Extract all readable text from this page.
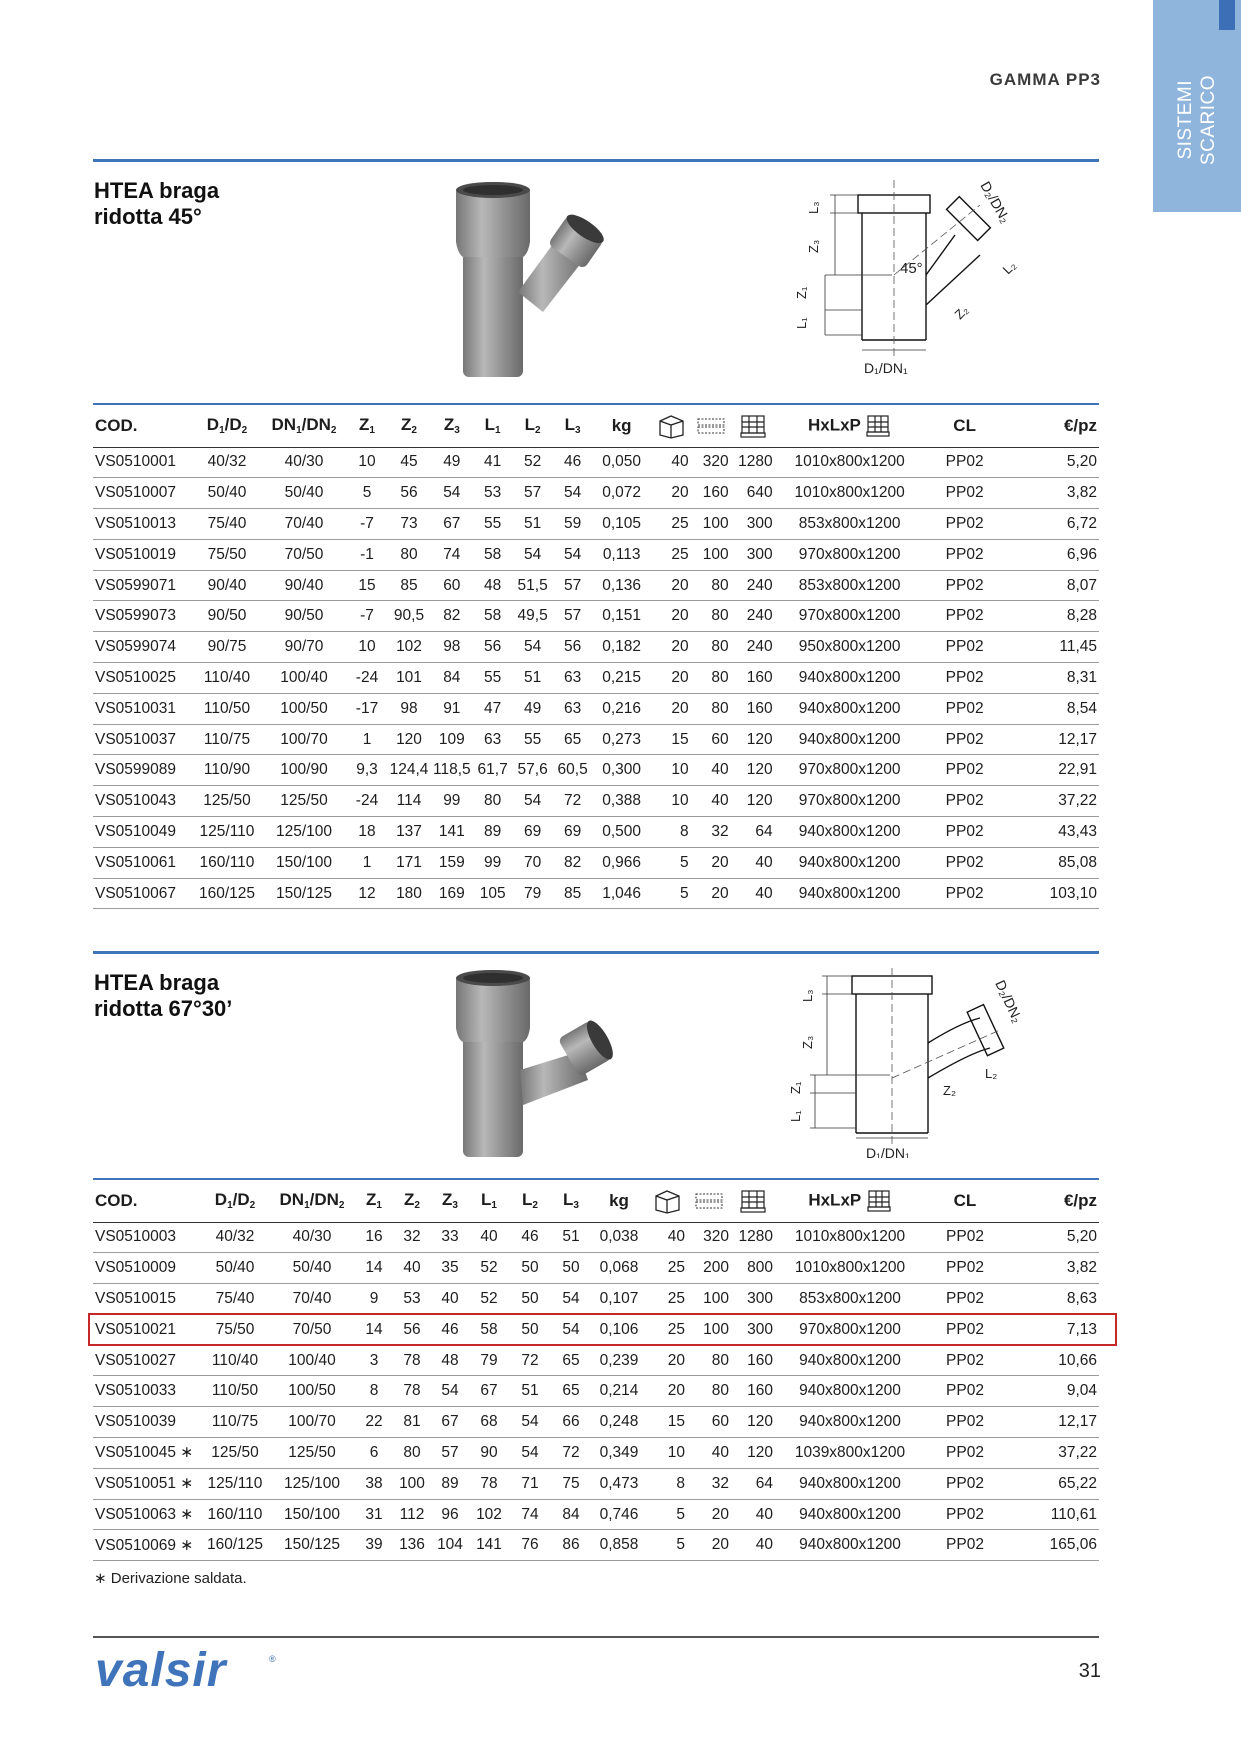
SISTEMI SCARICO
GAMMA PP3
HTEA braga
ridotta 45°
45°
D₁/DN₁
D₂/DN₂
L₃
Z₃
Z₁
L₁
L₂
Z₂
COD.	$D_1/D_2$	$DN_1/DN_2$	$Z_1$	$Z_2$	$Z_3$	$L_1$	$L_2$	$L_3$	kg				HxLxP	CL	€/pz
VS0510001	40/32	40/30	10	45	49	41	52	46	0,050	40	320	1280	1010x800x1200	PP02	5,20
VS0510007	50/40	50/40	5	56	54	53	57	54	0,072	20	160	640	1010x800x1200	PP02	3,82
VS0510013	75/40	70/40	-7	73	67	55	51	59	0,105	25	100	300	853x800x1200	PP02	6,72
VS0510019	75/50	70/50	-1	80	74	58	54	54	0,113	25	100	300	970x800x1200	PP02	6,96
VS0599071	90/40	90/40	15	85	60	48	51,5	57	0,136	20	80	240	853x800x1200	PP02	8,07
VS0599073	90/50	90/50	-7	90,5	82	58	49,5	57	0,151	20	80	240	970x800x1200	PP02	8,28
VS0599074	90/75	90/70	10	102	98	56	54	56	0,182	20	80	240	950x800x1200	PP02	11,45
VS0510025	110/40	100/40	-24	101	84	55	51	63	0,215	20	80	160	940x800x1200	PP02	8,31
VS0510031	110/50	100/50	-17	98	91	47	49	63	0,216	20	80	160	940x800x1200	PP02	8,54
VS0510037	110/75	100/70	1	120	109	63	55	65	0,273	15	60	120	940x800x1200	PP02	12,17
VS0599089	110/90	100/90	9,3	124,4	118,5	61,7	57,6	60,5	0,300	10	40	120	970x800x1200	PP02	22,91
VS0510043	125/50	125/50	-24	114	99	80	54	72	0,388	10	40	120	970x800x1200	PP02	37,22
VS0510049	125/110	125/100	18	137	141	89	69	69	0,500	8	32	64	940x800x1200	PP02	43,43
VS0510061	160/110	150/100	1	171	159	99	70	82	0,966	5	20	40	940x800x1200	PP02	85,08
VS0510067	160/125	150/125	12	180	169	105	79	85	1,046	5	20	40	940x800x1200	PP02	103,10
HTEA braga
ridotta 67°30’
D₁/DN₁
D₂/DN₂
L₃
Z₃
Z₁
L₁
L₂
Z₂
COD.	$D_1/D_2$	$DN_1/DN_2$	$Z_1$	$Z_2$	$Z_3$	$L_1$	$L_2$	$L_3$	kg				HxLxP	CL	€/pz
VS0510003	40/32	40/30	16	32	33	40	46	51	0,038	40	320	1280	1010x800x1200	PP02	5,20
VS0510009	50/40	50/40	14	40	35	52	50	50	0,068	25	200	800	1010x800x1200	PP02	3,82
VS0510015	75/40	70/40	9	53	40	52	50	54	0,107	25	100	300	853x800x1200	PP02	8,63
VS0510021	75/50	70/50	14	56	46	58	50	54	0,106	25	100	300	970x800x1200	PP02	7,13
VS0510027	110/40	100/40	3	78	48	79	72	65	0,239	20	80	160	940x800x1200	PP02	10,66
VS0510033	110/50	100/50	8	78	54	67	51	65	0,214	20	80	160	940x800x1200	PP02	9,04
VS0510039	110/75	100/70	22	81	67	68	54	66	0,248	15	60	120	940x800x1200	PP02	12,17
VS0510045 ∗	125/50	125/50	6	80	57	90	54	72	0,349	10	40	120	1039x800x1200	PP02	37,22
VS0510051 ∗	125/110	125/100	38	100	89	78	71	75	0,473	8	32	64	940x800x1200	PP02	65,22
VS0510063 ∗	160/110	150/100	31	112	96	102	74	84	0,746	5	20	40	940x800x1200	PP02	110,61
VS0510069 ∗	160/125	150/125	39	136	104	141	76	86	0,858	5	20	40	940x800x1200	PP02	165,06
∗ Derivazione saldata.
valsir	®
31
